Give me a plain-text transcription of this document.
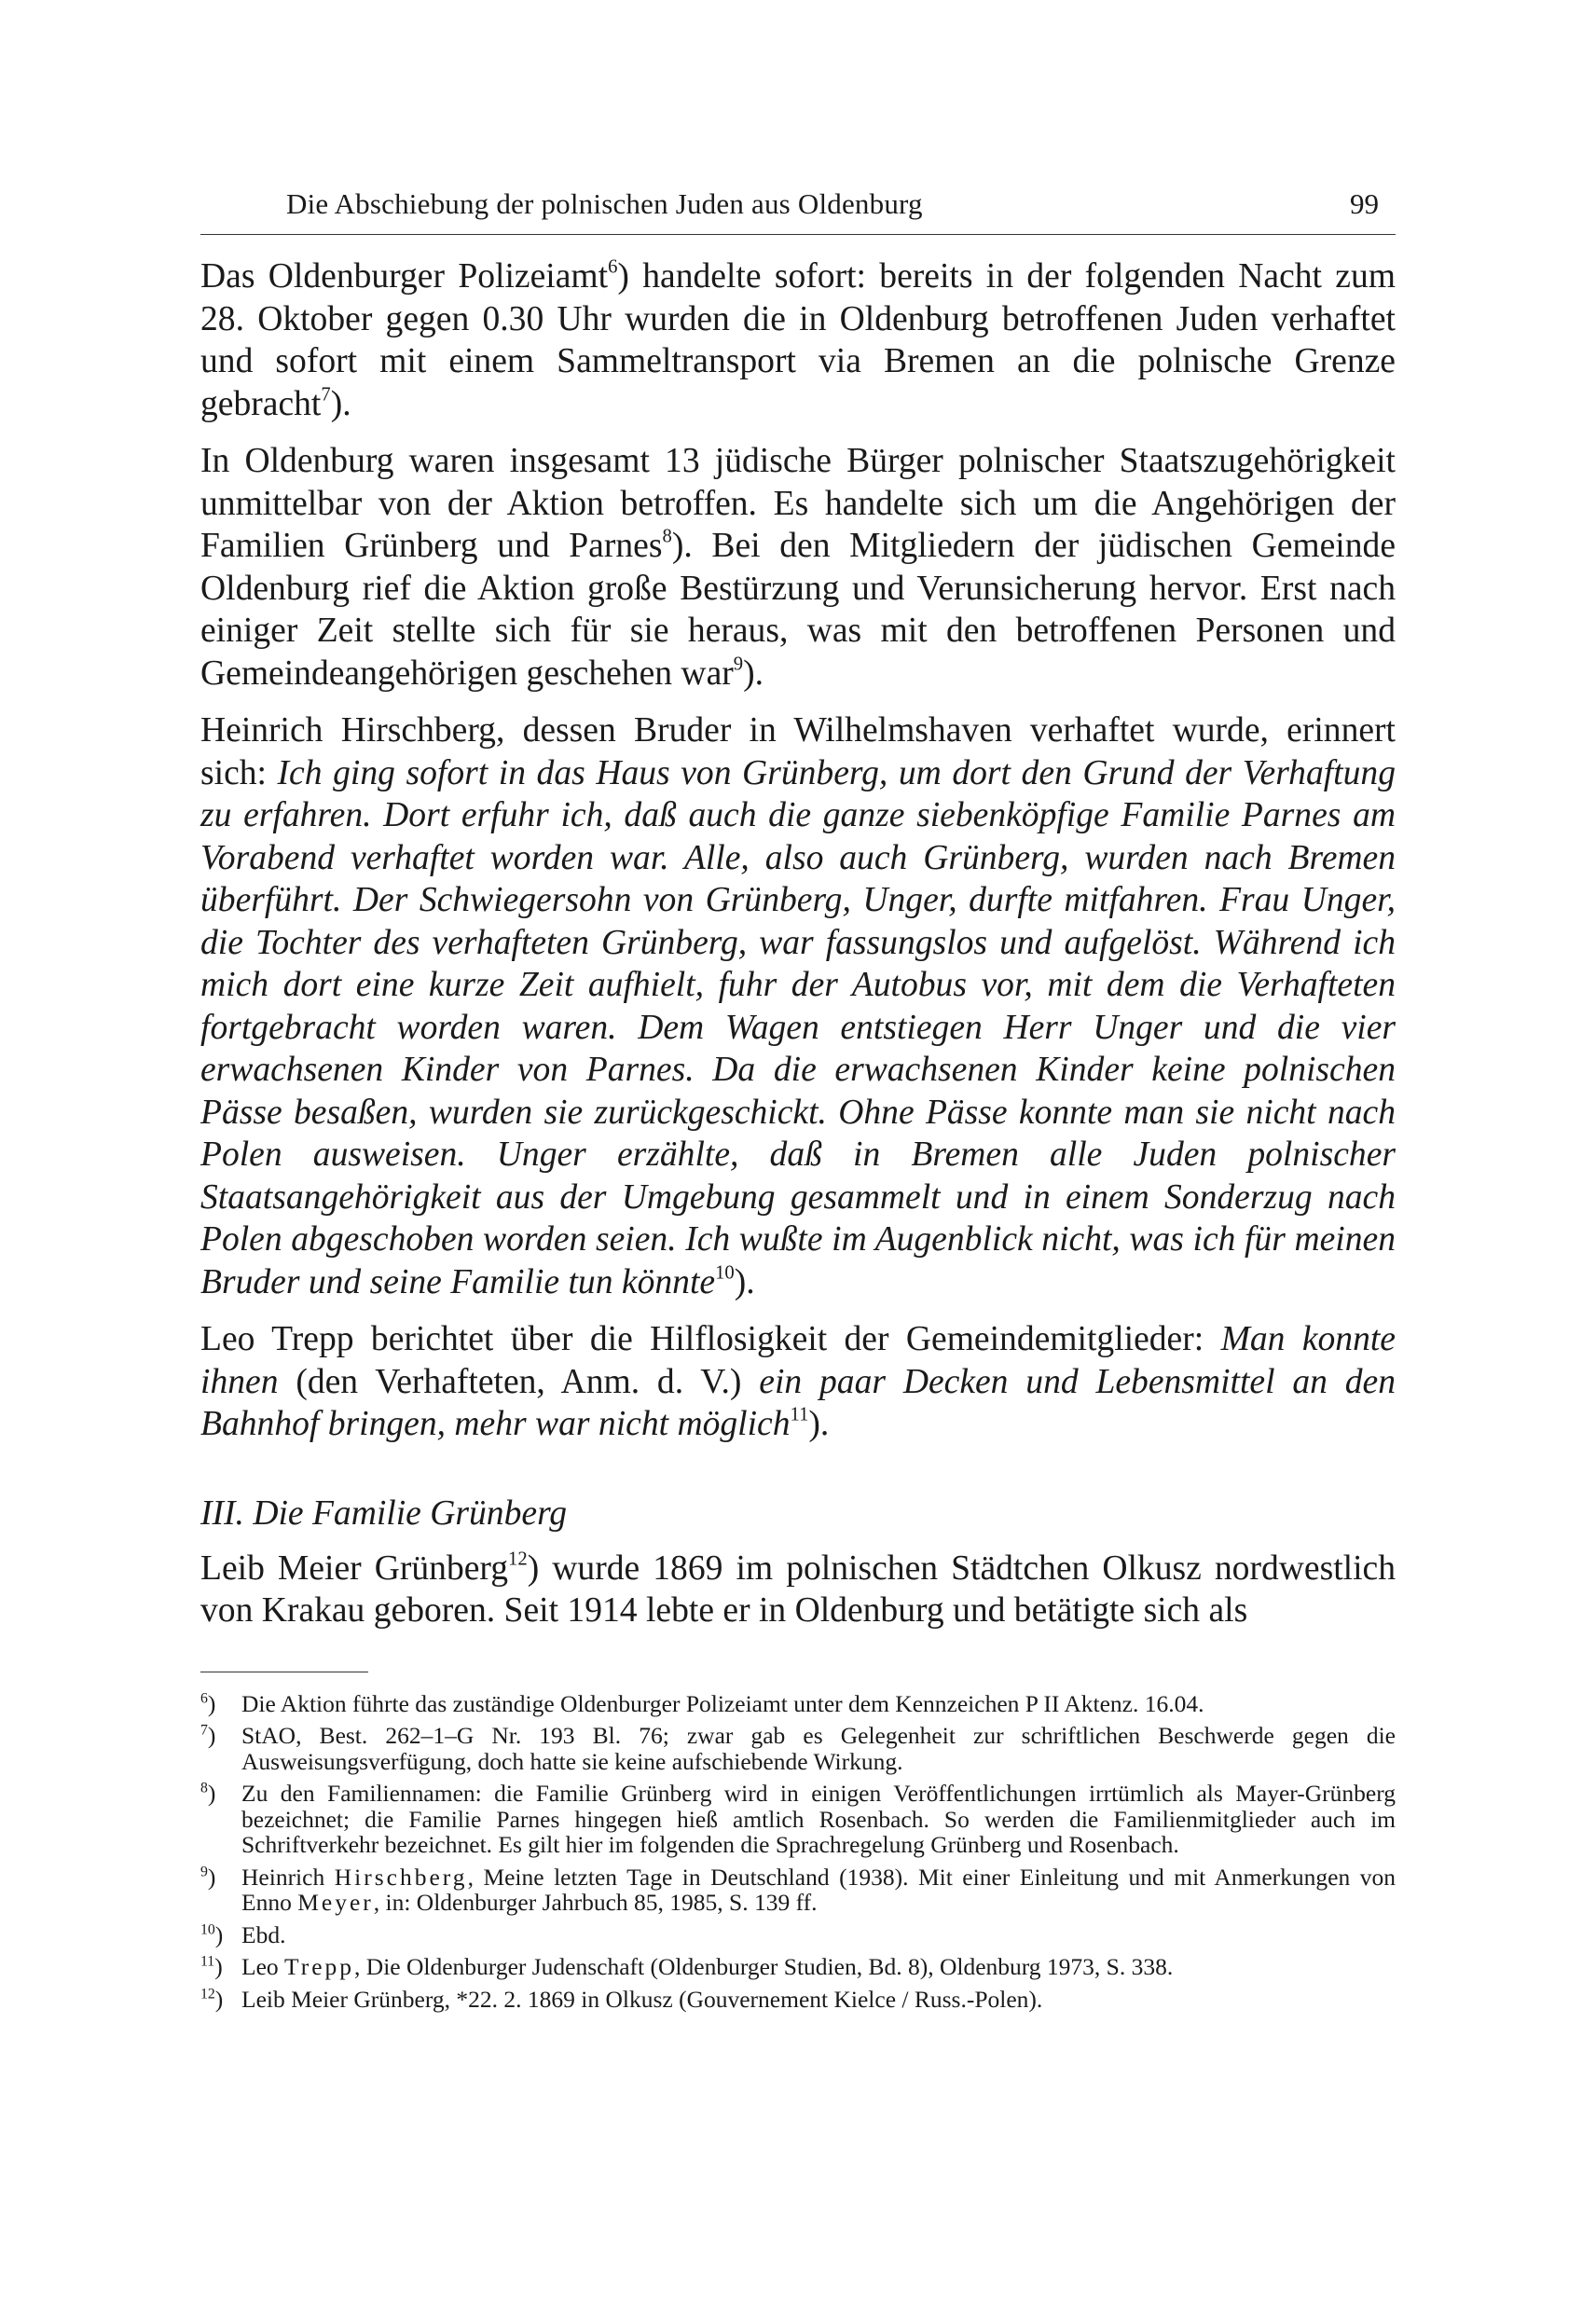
Die Abschiebung der polnischen Juden aus Oldenburg	99

Das Oldenburger Polizeiamt$^6$) handelte sofort: bereits in der folgenden Nacht zum 28. Oktober gegen 0.30 Uhr wurden die in Oldenburg betroffenen Juden verhaftet und sofort mit einem Sammeltransport via Bremen an die polnische Grenze gebracht$^7$).

In Oldenburg waren insgesamt 13 jüdische Bürger polnischer Staatszugehörigkeit unmittelbar von der Aktion betroffen. Es handelte sich um die Angehörigen der Familien Grünberg und Parnes$^8$). Bei den Mitgliedern der jüdischen Gemeinde Oldenburg rief die Aktion große Bestürzung und Verunsicherung hervor. Erst nach einiger Zeit stellte sich für sie heraus, was mit den betroffenen Personen und Gemeindeangehörigen geschehen war$^9$).

Heinrich Hirschberg, dessen Bruder in Wilhelmshaven verhaftet wurde, erinnert sich: Ich ging sofort in das Haus von Grünberg, um dort den Grund der Verhaftung zu erfahren. Dort erfuhr ich, daß auch die ganze siebenköpfige Familie Parnes am Vorabend verhaftet worden war. Alle, also auch Grünberg, wurden nach Bremen überführt. Der Schwiegersohn von Grünberg, Unger, durfte mitfahren. Frau Unger, die Tochter des verhafteten Grünberg, war fassungslos und aufgelöst. Während ich mich dort eine kurze Zeit aufhielt, fuhr der Autobus vor, mit dem die Verhafteten fortgebracht worden waren. Dem Wagen entstiegen Herr Unger und die vier erwachsenen Kinder von Parnes. Da die erwachsenen Kinder keine polnischen Pässe besaßen, wurden sie zurückgeschickt. Ohne Pässe konnte man sie nicht nach Polen ausweisen. Unger erzählte, daß in Bremen alle Juden polnischer Staatsangehörigkeit aus der Umgebung gesammelt und in einem Sonderzug nach Polen abgeschoben worden seien. Ich wußte im Augenblick nicht, was ich für meinen Bruder und seine Familie tun könnte$^{10}$).

Leo Trepp berichtet über die Hilflosigkeit der Gemeindemitglieder: Man konnte ihnen (den Verhafteten, Anm. d. V.) ein paar Decken und Lebensmittel an den Bahnhof bringen, mehr war nicht möglich$^{11}$).

III. Die Familie Grünberg

Leib Meier Grünberg$^{12}$) wurde 1869 im polnischen Städtchen Olkusz nordwestlich von Krakau geboren. Seit 1914 lebte er in Oldenburg und betätigte sich als

$^6$) Die Aktion führte das zuständige Oldenburger Polizeiamt unter dem Kennzeichen P II Aktenz. 16.04.
$^7$) StAO, Best. 262–1–G Nr. 193 Bl. 76; zwar gab es Gelegenheit zur schriftlichen Beschwerde gegen die Ausweisungsverfügung, doch hatte sie keine aufschiebende Wirkung.
$^8$) Zu den Familiennamen: die Familie Grünberg wird in einigen Veröffentlichungen irrtümlich als Mayer-Grünberg bezeichnet; die Familie Parnes hingegen hieß amtlich Rosenbach. So werden die Familienmitglieder auch im Schriftverkehr bezeichnet. Es gilt hier im folgenden die Sprachregelung Grünberg und Rosenbach.
$^9$) Heinrich Hirschberg, Meine letzten Tage in Deutschland (1938). Mit einer Einleitung und mit Anmerkungen von Enno Meyer, in: Oldenburger Jahrbuch 85, 1985, S. 139 ff.
$^{10}$) Ebd.
$^{11}$) Leo Trepp, Die Oldenburger Judenschaft (Oldenburger Studien, Bd. 8), Oldenburg 1973, S. 338.
$^{12}$) Leib Meier Grünberg, *22. 2. 1869 in Olkusz (Gouvernement Kielce / Russ.-Polen).
